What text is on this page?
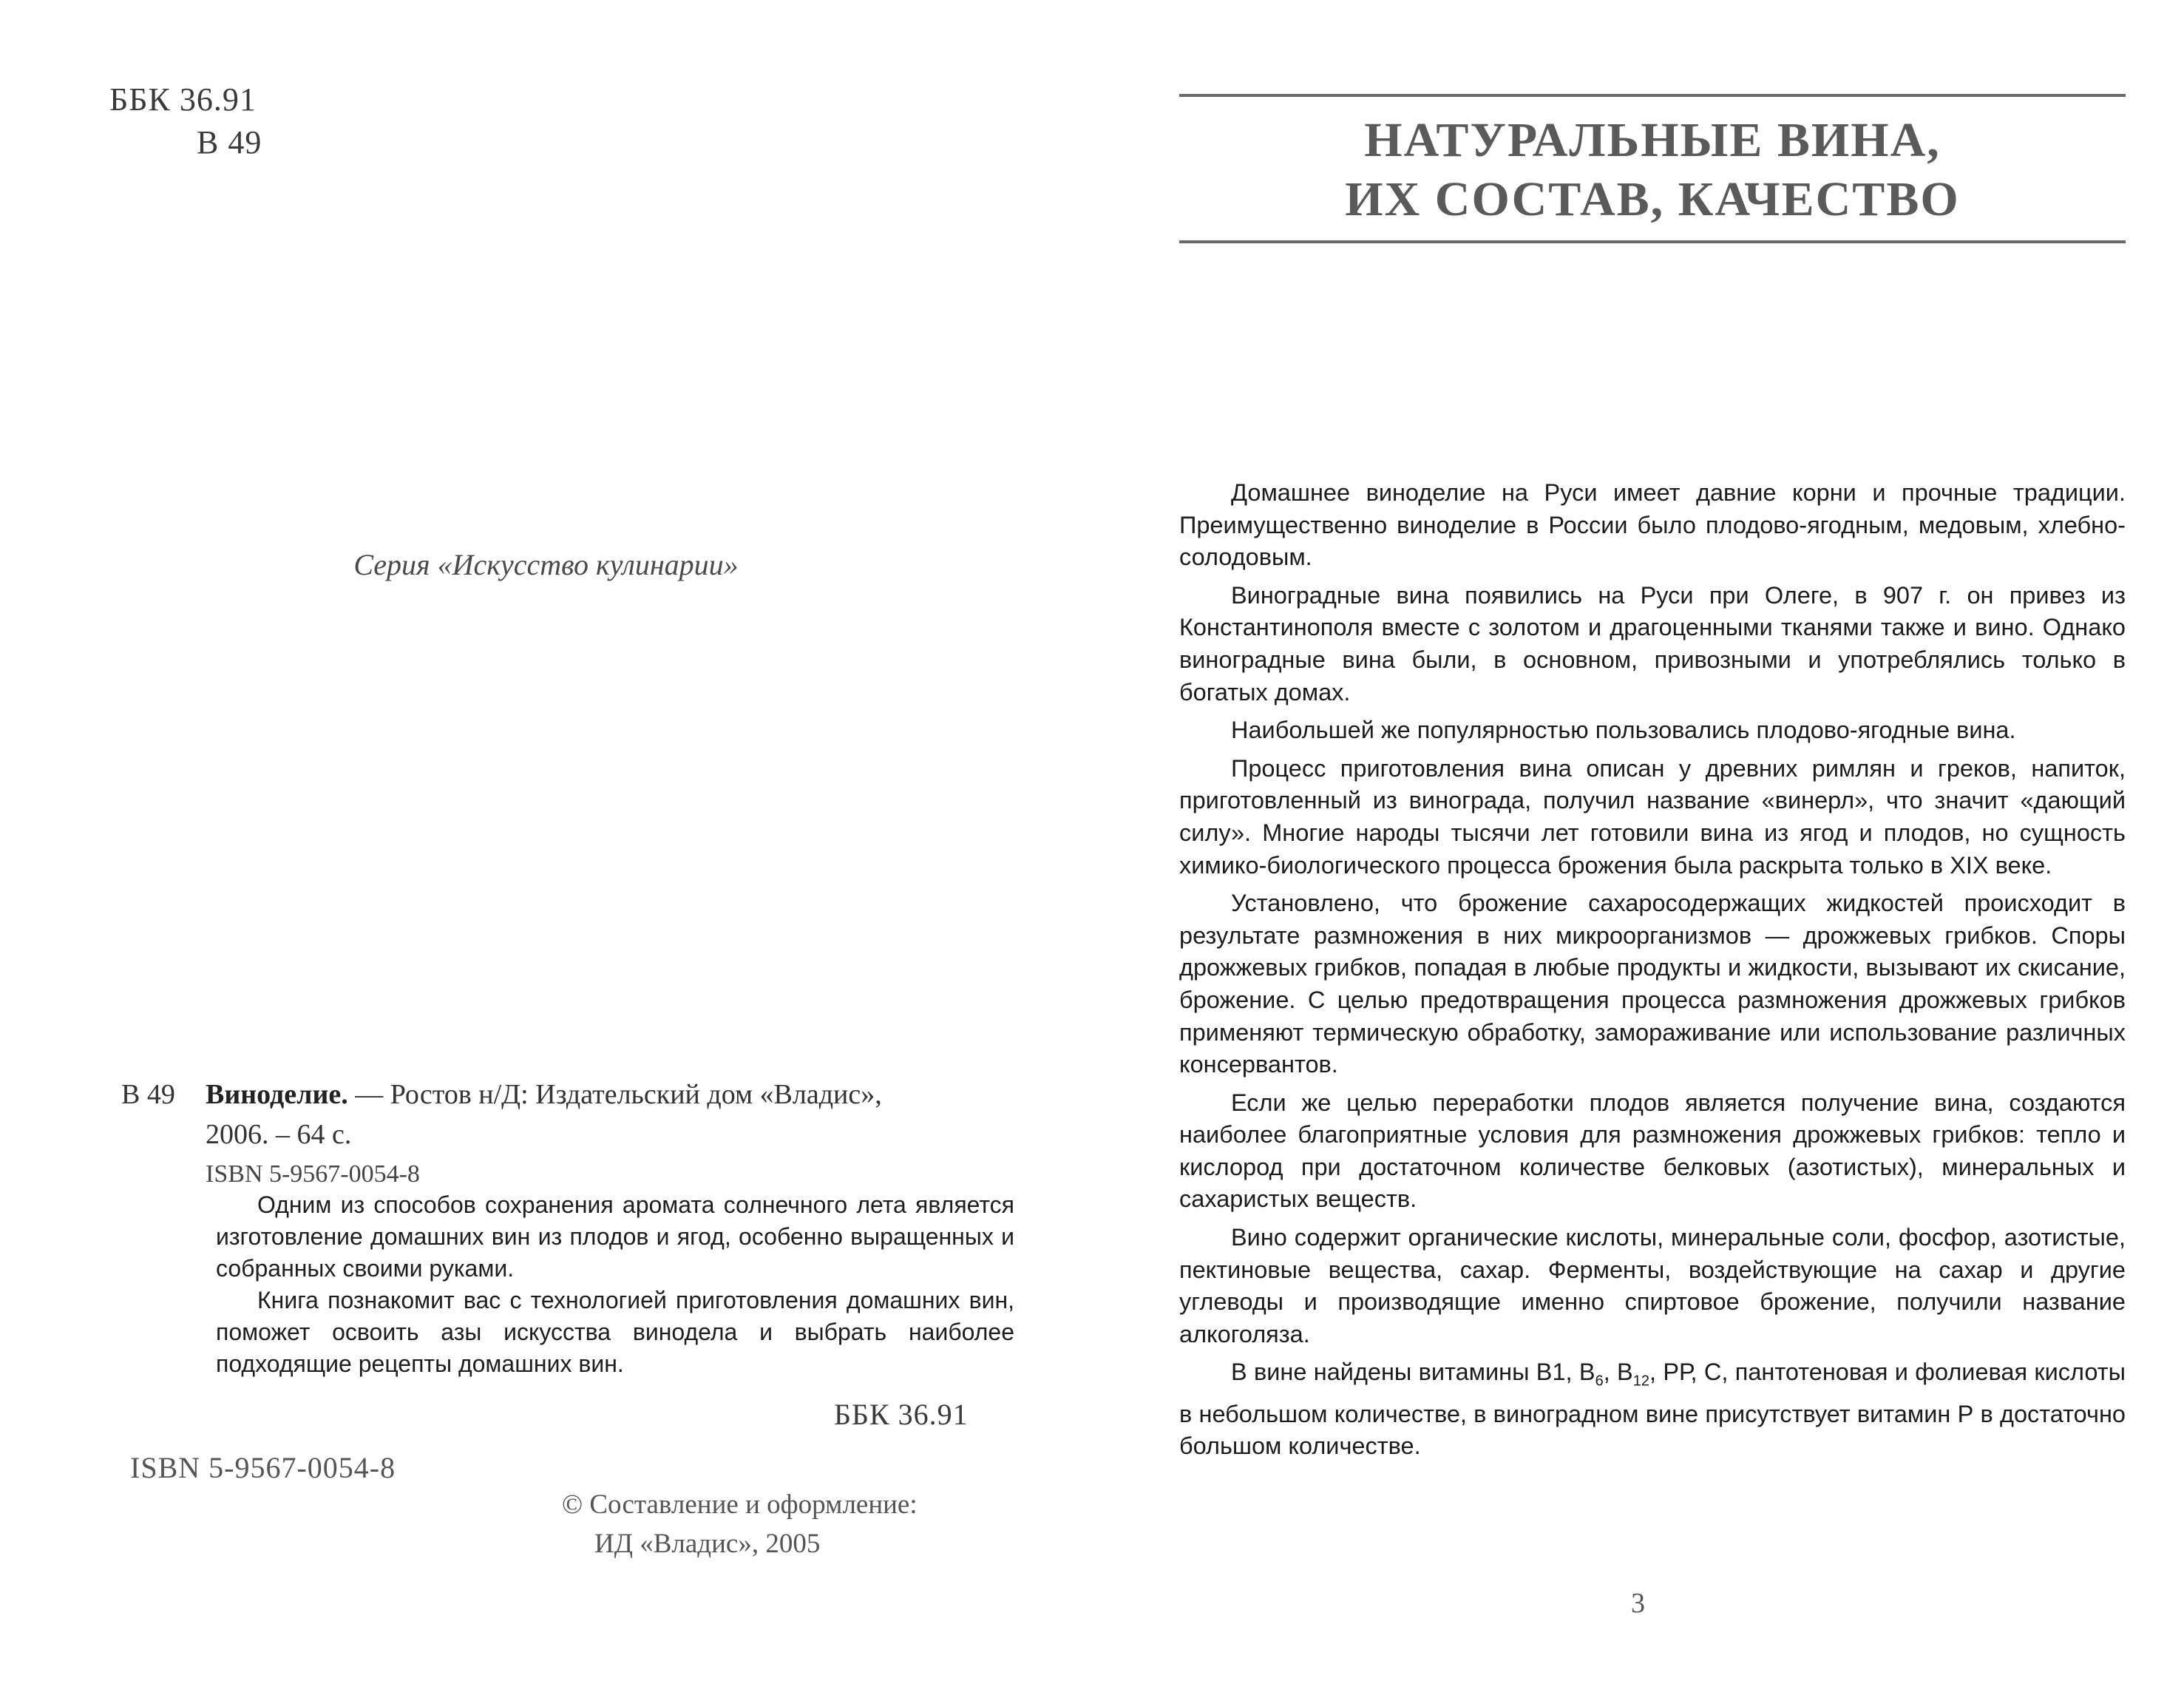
ББК 36.91
В 49
Серия «Искусство кулинарии»
В 49 Виноделие. — Ростов н/Д: Издательский дом «Владис»,
2006. – 64 с.
ISBN 5-9567-0054-8

Одним из способов сохранения аромата солнечного лета является изготовление домашних вин из плодов и ягод, особенно выращенных и собранных своими руками.

Книга познакомит вас с технологией приготовления домашних вин, поможет освоить азы искусства винодела и выбрать наиболее подходящие рецепты домашних вин.

ББК 36.91
ISBN 5-9567-0054-8
© Составление и оформление:
ИД «Владис», 2005
НАТУРАЛЬНЫЕ ВИНА,
ИХ СОСТАВ, КАЧЕСТВО

Домашнее виноделие на Руси имеет давние корни и прочные традиции. Преимущественно виноделие в России было плодово-ягодным, медовым, хлебно-солодовым.

Виноградные вина появились на Руси при Олеге, в 907 г. он привез из Константинополя вместе с золотом и драгоценными тканями также и вино. Однако виноградные вина были, в основном, привозными и употреблялись только в богатых домах.

Наибольшей же популярностью пользовались плодово-ягодные вина.

Процесс приготовления вина описан у древних римлян и греков, напиток, приготовленный из винограда, получил название «винерл», что значит «дающий силу». Многие народы тысячи лет готовили вина из ягод и плодов, но сущность химико-биологического процесса брожения была раскрыта только в XIX веке.

Установлено, что брожение сахаросодержащих жидкостей происходит в результате размножения в них микроорганизмов — дрожжевых грибков. Споры дрожжевых грибков, попадая в любые продукты и жидкости, вызывают их скисание, брожение. С целью предотвращения процесса размножения дрожжевых грибков применяют термическую обработку, замораживание или использование различных консервантов.

Если же целью переработки плодов является получение вина, создаются наиболее благоприятные условия для размножения дрожжевых грибков: тепло и кислород при достаточном количестве белковых (азотистых), минеральных и сахаристых веществ.

Вино содержит органические кислоты, минеральные соли, фосфор, азотистые, пектиновые вещества, сахар. Ферменты, воздействующие на сахар и другие углеводы и производящие именно спиртовое брожение, получили название алкоголяза.

В вине найдены витамины В1, $В_6$, $В_{12}$, РР, С, пантотеновая и фолиевая кислоты в небольшом количестве, в виноградном вине присутствует витамин Р в достаточно большом количестве.

3
